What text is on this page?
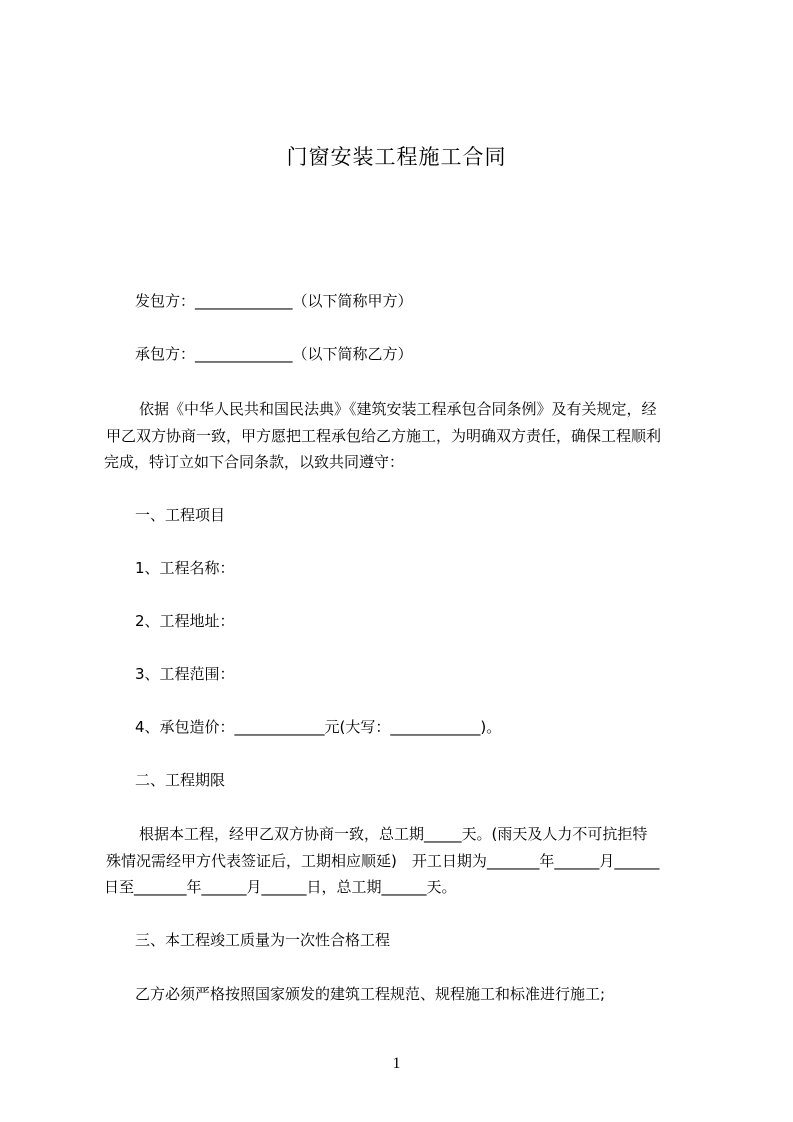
门窗安装工程施工合同
发包方：_____________（以下简称甲方）
承包方：_____________（以下简称乙方）
依据《中华人民共和国民法典》《建筑安装工程承包合同条例》及有关规定，经
甲乙双方协商一致，甲方愿把工程承包给乙方施工，为明确双方责任，确保工程顺利
完成，特订立如下合同条款，以致共同遵守：
一、工程项目
1、工程名称：
2、工程地址：
3、工程范围：
4、承包造价：____________元(大写：____________)。
二、工程期限
根据本工程，经甲乙双方协商一致，总工期_____天。(雨天及人力不可抗拒特
殊情况需经甲方代表签证后，工期相应顺延)　开工日期为_______年______月______
日至_______年______月______日，总工期______天。
三、本工程竣工质量为一次性合格工程
乙方必须严格按照国家颁发的建筑工程规范、规程施工和标准进行施工;
1
